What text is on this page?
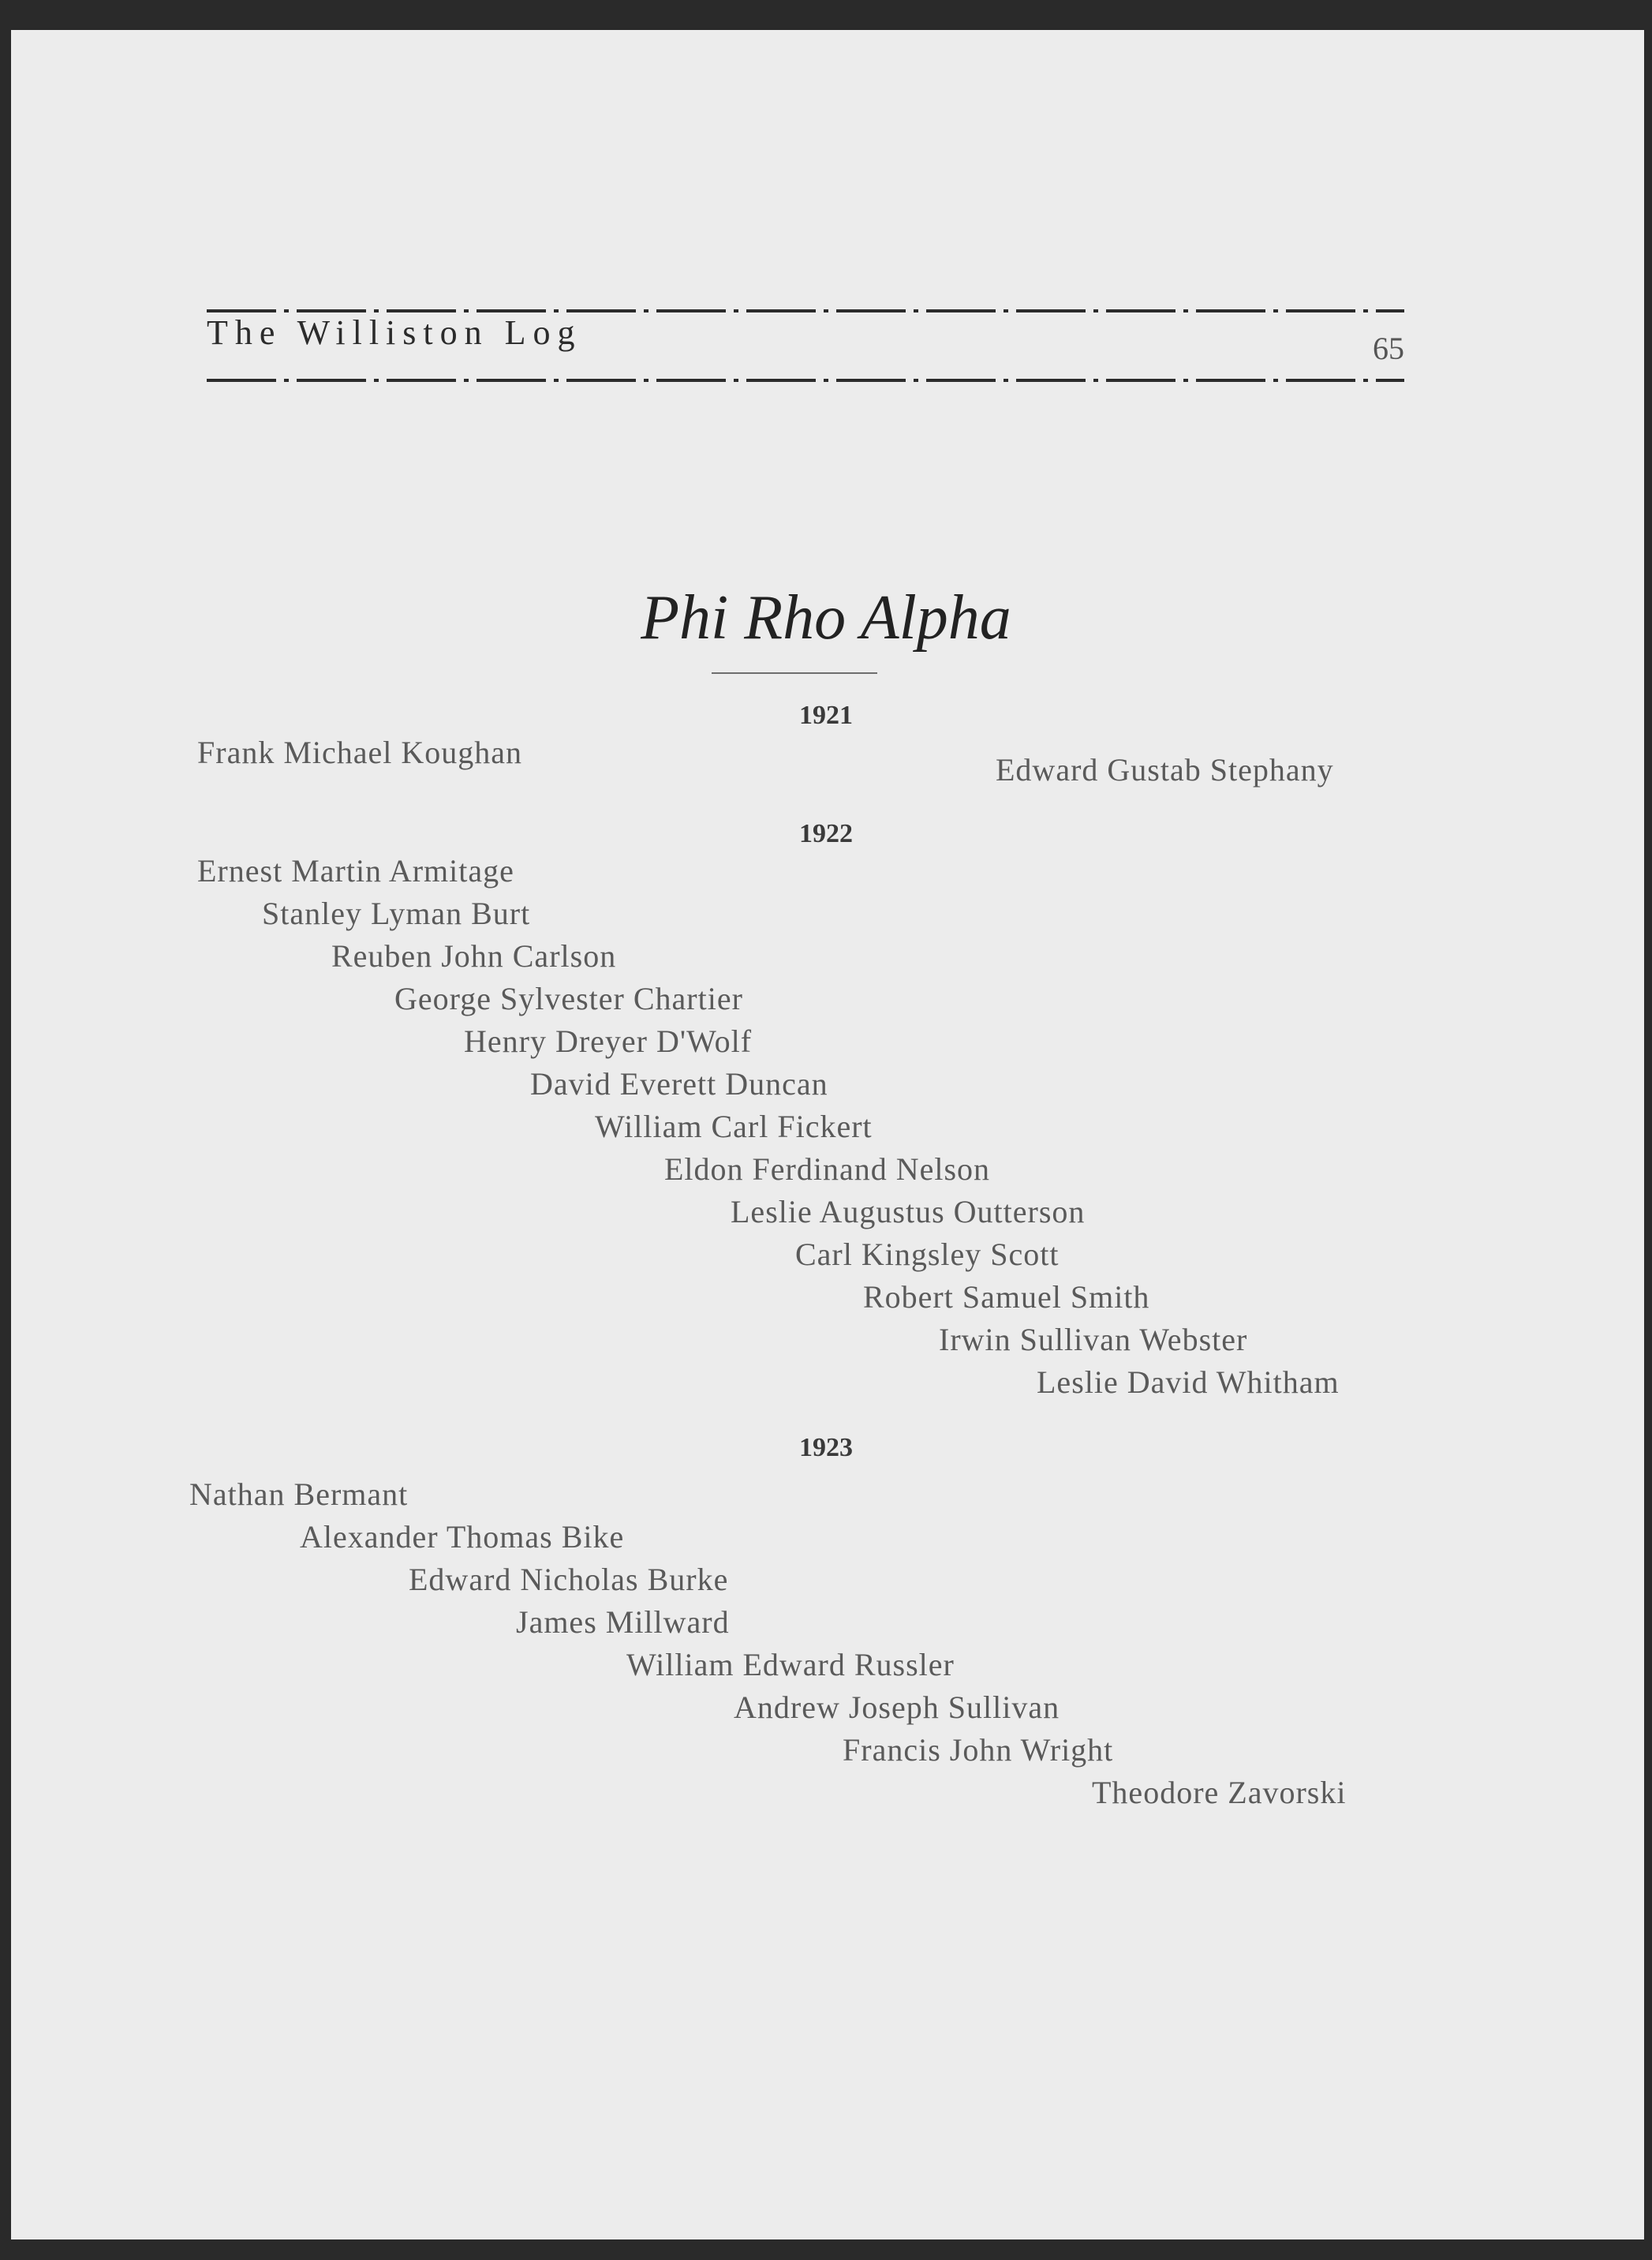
The Williston Log	65
Phi Rho Alpha
1921
Frank Michael Koughan	Edward Gustab Stephany
1922
Ernest Martin Armitage
Stanley Lyman Burt
Reuben John Carlson
George Sylvester Chartier
Henry Dreyer D'Wolf
David Everett Duncan
William Carl Fickert
Eldon Ferdinand Nelson
Leslie Augustus Outterson
Carl Kingsley Scott
Robert Samuel Smith
Irwin Sullivan Webster
Leslie David Whitham
1923
Nathan Bermant
Alexander Thomas Bike
Edward Nicholas Burke
James Millward
William Edward Russler
Andrew Joseph Sullivan
Francis John Wright
Theodore Zavorski
